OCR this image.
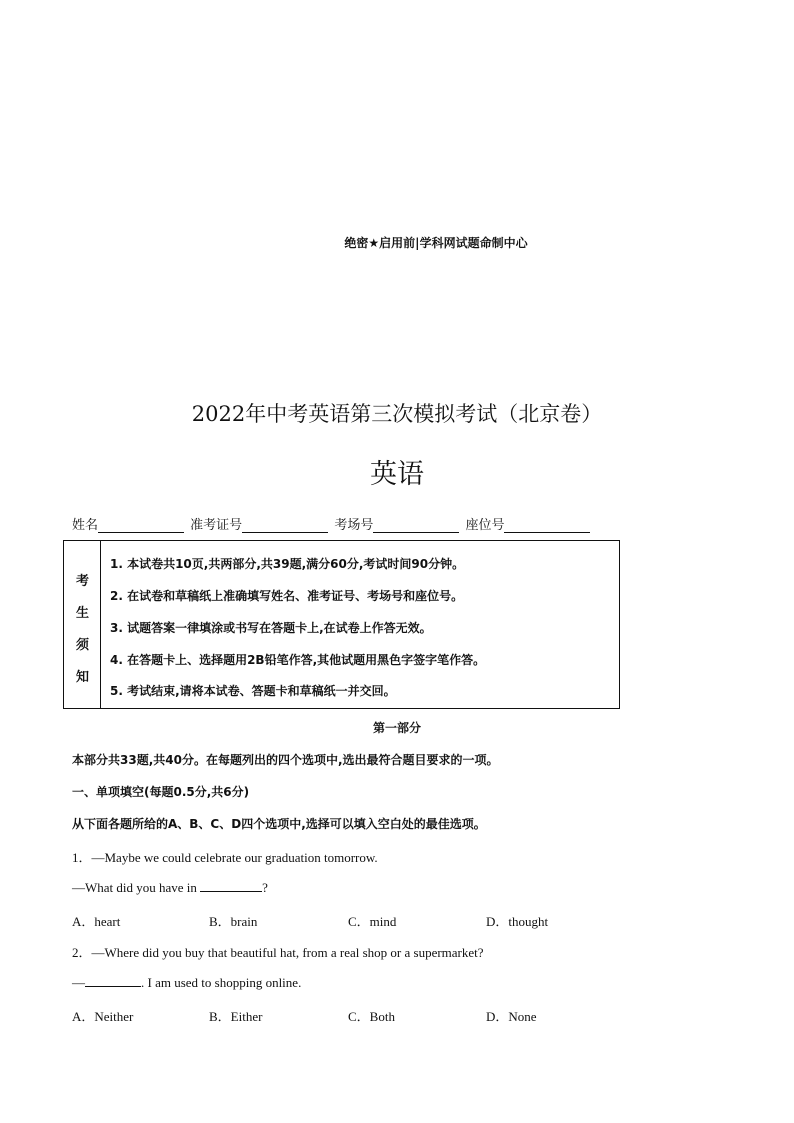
绝密★启用前|学科网试题命制中心
2022年中考英语第三次模拟考试（北京卷）
英语
姓名	准考证号	考场号	座位号
考
生
须
知
1. 本试卷共10页,共两部分,共39题,满分60分,考试时间90分钟。
2. 在试卷和草稿纸上准确填写姓名、准考证号、考场号和座位号。
3. 试题答案一律填涂或书写在答题卡上,在试卷上作答无效。
4. 在答题卡上、选择题用2B铅笔作答,其他试题用黑色字签字笔作答。
5. 考试结束,请将本试卷、答题卡和草稿纸一并交回。
第一部分
本部分共33题,共40分。在每题列出的四个选项中,选出最符合题目要求的一项。
一、单项填空(每题0.5分,共6分)
从下面各题所给的A、B、C、D四个选项中,选择可以填入空白处的最佳选项。
1．—Maybe we could celebrate our graduation tomorrow.
—What did you have in	?
A．heart	B．brain	C．mind	D．thought
2．—Where did you buy that beautiful hat, from a real shop or a supermarket?
—	. I am used to shopping online.
A．Neither	B．Either	C．Both	D．None
